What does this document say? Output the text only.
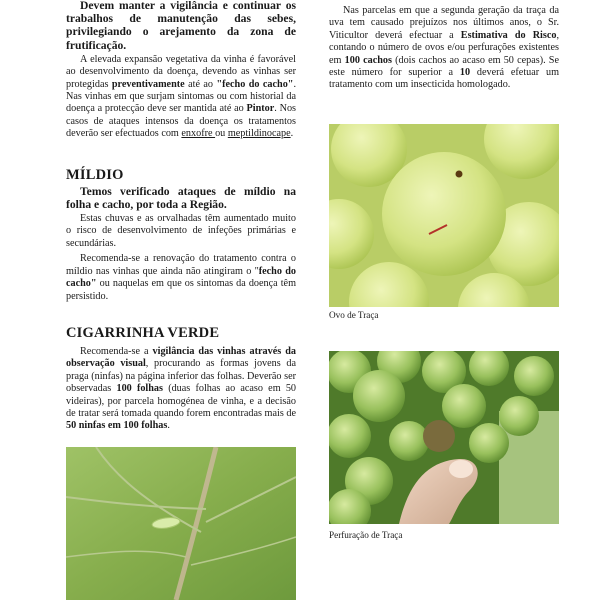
Devem manter a vigilância e continuar os trabalhos de manutenção das sebes, privilegiando o arejamento da zona de frutificação.

A elevada expansão vegetativa da vinha é favorável ao desenvolvimento da doença, devendo as vinhas ser protegidas preventivamente até ao "fecho do cacho". Nas vinhas em que surjam sintomas ou com historial da doença a protecção deve ser mantida até ao Pintor. Nos casos de ataques intensos da doença os tratamentos deverão ser efectuados com enxofre ou meptildinocape.

MÍLDIO

Temos verificado ataques de míldio na folha e cacho, por toda a Região.

Estas chuvas e as orvalhadas têm aumentado muito o risco de desenvolvimento de infeções primárias e secundárias.

Recomenda-se a renovação do tratamento contra o míldio nas vinhas que ainda não atingiram o "fecho do cacho" ou naquelas em que os sintomas da doença têm persistido.

CIGARRINHA VERDE

Recomenda-se a vigilância das vinhas através da observação visual, procurando as formas jovens da praga (ninfas) na página inferior das folhas. Deverão ser observadas 100 folhas (duas folhas ao acaso em 50 videiras), por parcela homogénea de vinha, e a decisão de tratar será tomada quando forem encontradas mais de 50 ninfas em 100 folhas.

Nas parcelas em que a segunda geração da traça da uva tem causado prejuízos nos últimos anos, o Sr. Viticultor deverá efectuar a Estimativa do Risco, contando o número de ovos e/ou perfurações existentes em 100 cachos (dois cachos ao acaso em 50 cepas). Se este número for superior a 10 deverá efetuar um tratamento com um insecticida homologado.

Ovo de Traça
Perfuração de Traça
